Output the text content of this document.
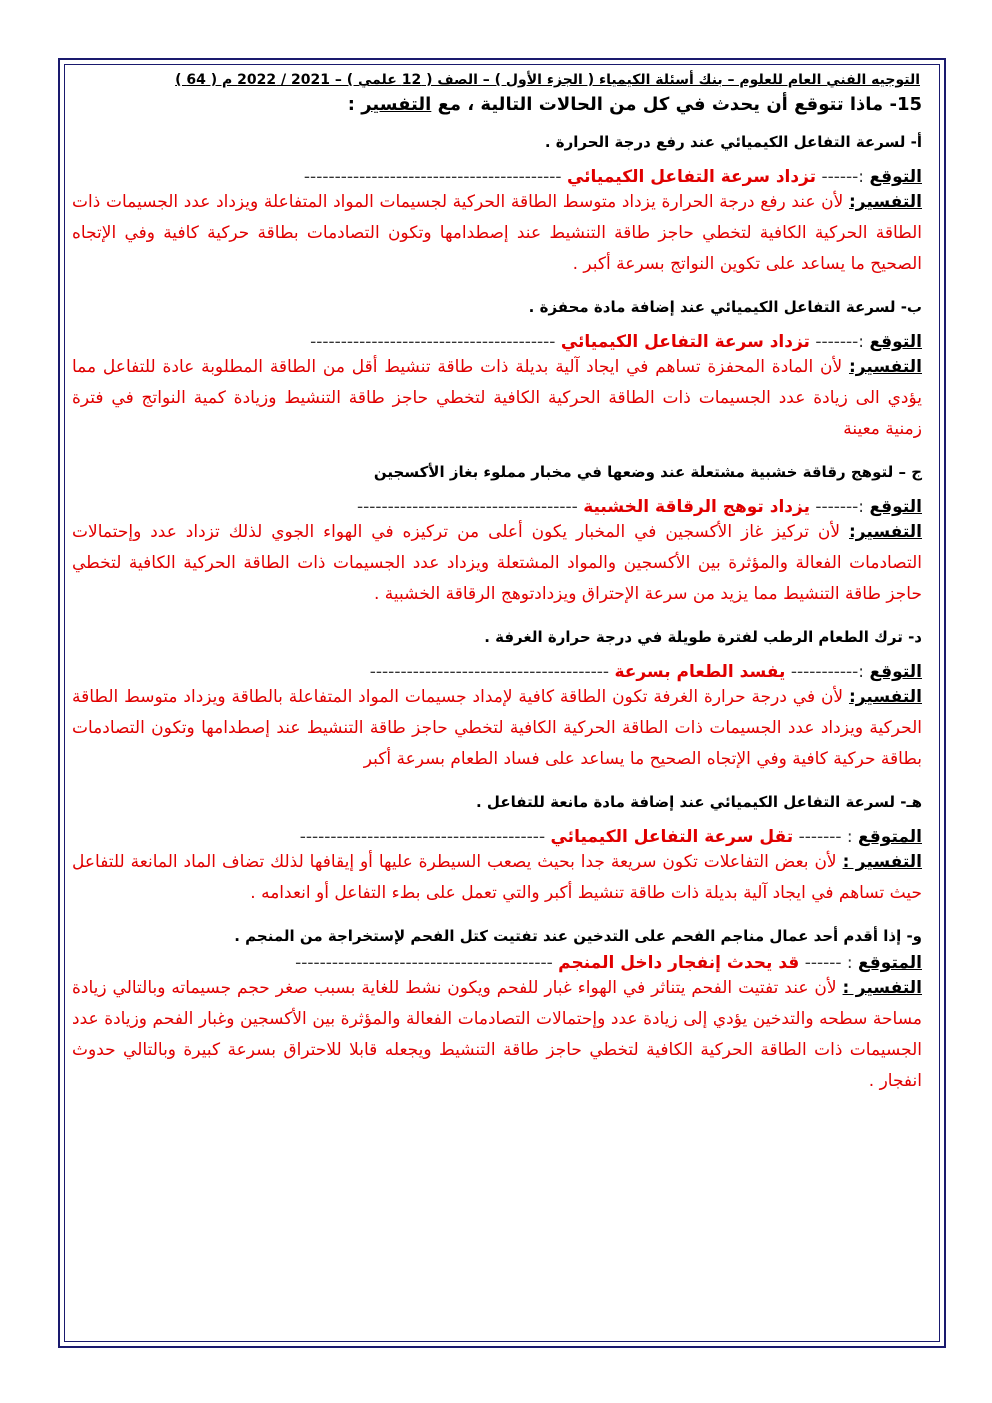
التوجيه الفني العام للعلوم – بنك أسئلة الكيمياء ( الجزء الأول ) – الصف ( 12 علمي ) – 2021 / 2022 م ( 64 )
15- ماذا تتوقع أن يحدث في كل من الحالات التالية ، مع التفسير :
أ- لسرعة التفاعل الكيميائي عند رفع درجة الحرارة .
التوقع :------ تزداد سرعة التفاعل الكيميائي ------------------------------------------
التفسير: لأن عند رفع درجة الحرارة يزداد متوسط الطاقة الحركية لجسيمات المواد المتفاعلة ويزداد عدد الجسيمات ذات الطاقة الحركية الكافية لتخطي حاجز طاقة التنشيط عند إصطدامها وتكون التصادمات بطاقة حركية كافية وفي الإتجاه الصحيح ما يساعد على تكوين النواتج بسرعة أكبر .
ب- لسرعة التفاعل الكيميائي عند إضافة مادة محفزة .
التوقع :------- تزداد سرعة التفاعل الكيميائي ----------------------------------------
التفسير: لأن المادة المحفزة تساهم في ايجاد آلية بديلة ذات طاقة تنشيط أقل من الطاقة المطلوبة عادة للتفاعل مما يؤدي الى زيادة عدد الجسيمات ذات الطاقة الحركية الكافية لتخطي حاجز طاقة التنشيط وزيادة كمية النواتج في فترة زمنية معينة
ج – لتوهج رقاقة خشبية مشتعلة عند وضعها في مخبار مملوء بغاز الأكسجين
التوقع :------- يزداد توهج الرقاقة الخشبية ------------------------------------
التفسير: لأن تركيز غاز الأكسجين في المخبار يكون أعلى من تركيزه في الهواء الجوي لذلك تزداد عدد وإحتمالات التصادمات الفعالة والمؤثرة بين الأكسجين والمواد المشتعلة ويزداد عدد الجسيمات ذات الطاقة الحركية الكافية لتخطي حاجز طاقة التنشيط مما يزيد من سرعة الإحتراق ويزدادتوهج الرقاقة الخشبية .
د- ترك الطعام الرطب لفترة طويلة في درجة حرارة الغرفة .
التوقع :----------- يفسد الطعام بسرعة ---------------------------------------
التفسير: لأن في درجة حرارة الغرفة تكون الطاقة كافية لإمداد جسيمات المواد المتفاعلة بالطاقة ويزداد متوسط الطاقة الحركية ويزداد عدد الجسيمات ذات الطاقة الحركية الكافية لتخطي حاجز طاقة التنشيط عند إصطدامها وتكون التصادمات بطاقة حركية كافية وفي الإتجاه الصحيح ما يساعد على فساد الطعام بسرعة أكبر
هـ- لسرعة التفاعل الكيميائي عند إضافة مادة مانعة للتفاعل .
المتوقع : ------- تقل سرعة التفاعل الكيميائي ----------------------------------------
التفسير : لأن بعض التفاعلات تكون سريعة جدا بحيث يصعب السيطرة عليها أو إيقافها لذلك تضاف الماد المانعة للتفاعل حيث تساهم في ايجاد آلية بديلة ذات طاقة تنشيط أكبر والتي تعمل على بطء التفاعل أو انعدامه .
و- إذا أقدم أحد عمال مناجم الفحم على التدخين عند تفتيت كتل الفحم لإستخراجة من المنجم .
المتوقع : ------ قد يحدث إنفجار داخل المنجم ------------------------------------------
التفسير : لأن عند تفتيت الفحم يتناثر في الهواء غبار للفحم ويكون نشط للغاية بسبب صغر حجم جسيماته وبالتالي زيادة مساحة سطحه والتدخين يؤدي إلى زيادة عدد وإحتمالات التصادمات الفعالة والمؤثرة بين الأكسجين وغبار الفحم وزيادة عدد الجسيمات ذات الطاقة الحركية الكافية لتخطي حاجز طاقة التنشيط ويجعله قابلا للاحتراق بسرعة كبيرة وبالتالي حدوث انفجار .
